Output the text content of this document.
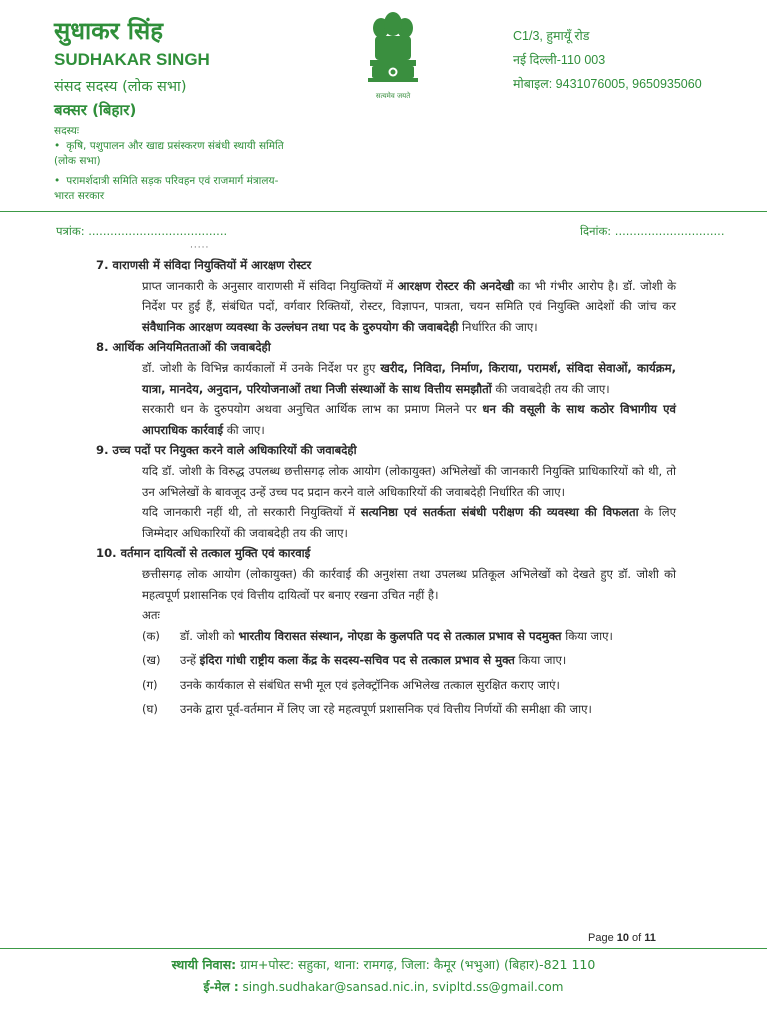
सुधाकर सिंह
SUDHAKAR SINGH
संसद सदस्य (लोक सभा)
बक्सर (बिहार)
सदस्यः
• कृषि, पशुपालन और खाद्य प्रसंस्करण संबंधी स्थायी समिति (लोक सभा)
• परामर्शदात्री समिति सड़क परिवहन एवं राजमार्ग मंत्रालय-भारत सरकार
सत्यमेव जयते
C1/3, हुमायूँ रोड
नई दिल्ली-110 003
मोबाइल: 9431076005, 9650935060
पत्रांक: ......................................	दिनांक: ..............................
·····

7. वाराणसी में संविदा नियुक्तियों में आरक्षण रोस्टर

प्राप्त जानकारी के अनुसार वाराणसी में संविदा नियुक्तियों में आरक्षण रोस्टर की अनदेखी का भी गंभीर आरोप है। डॉ. जोशी के निर्देश पर हुई हैं, संबंधित पदों, वर्गवार रिक्तियों, रोस्टर, विज्ञापन, पात्रता, चयन समिति एवं नियुक्ति आदेशों की जांच कर संवैधानिक आरक्षण व्यवस्था के उल्लंघन तथा पद के दुरुपयोग की जवाबदेही निर्धारित की जाए।

8. आर्थिक अनियमितताओं की जवाबदेही

डॉ. जोशी के विभिन्न कार्यकालों में उनके निर्देश पर हुए खरीद, निविदा, निर्माण, किराया, परामर्श, संविदा सेवाओं, कार्यक्रम, यात्रा, मानदेय, अनुदान, परियोजनाओं तथा निजी संस्थाओं के साथ वित्तीय समझौतों की जवाबदेही तय की जाए।

सरकारी धन के दुरुपयोग अथवा अनुचित आर्थिक लाभ का प्रमाण मिलने पर धन की वसूली के साथ कठोर विभागीय एवं आपराधिक कार्रवाई की जाए।

9. उच्च पदों पर नियुक्त करने वाले अधिकारियों की जवाबदेही

यदि डॉ. जोशी के विरुद्ध उपलब्ध छत्तीसगढ़ लोक आयोग (लोकायुक्त) अभिलेखों की जानकारी नियुक्ति प्राधिकारियों को थी, तो उन अभिलेखों के बावजूद उन्हें उच्च पद प्रदान करने वाले अधिकारियों की जवाबदेही निर्धारित की जाए।

यदि जानकारी नहीं थी, तो सरकारी नियुक्तियों में सत्यनिष्ठा एवं सतर्कता संबंधी परीक्षण की व्यवस्था की विफलता के लिए जिम्मेदार अधिकारियों की जवाबदेही तय की जाए।

10. वर्तमान दायित्वों से तत्काल मुक्ति एवं कारवाई

छत्तीसगढ़ लोक आयोग (लोकायुक्त) की कार्रवाई की अनुशंसा तथा उपलब्ध प्रतिकूल अभिलेखों को देखते हुए डॉ. जोशी को महत्वपूर्ण प्रशासनिक एवं वित्तीय दायित्वों पर बनाए रखना उचित नहीं है।

अतः

(क)	डॉ. जोशी को भारतीय विरासत संस्थान, नोएडा के कुलपति पद से तत्काल प्रभाव से पदमुक्त किया जाए।
(ख)	उन्हें इंदिरा गांधी राष्ट्रीय कला केंद्र के सदस्य-सचिव पद से तत्काल प्रभाव से मुक्त किया जाए।
(ग)	उनके कार्यकाल से संबंधित सभी मूल एवं इलेक्ट्रॉनिक अभिलेख तत्काल सुरक्षित कराए जाएं।
(घ)	उनके द्वारा पूर्व-वर्तमान में लिए जा रहे महत्वपूर्ण प्रशासनिक एवं वित्तीय निर्णयों की समीक्षा की जाए।
Page 10 of 11
स्थायी निवास: ग्राम+पोस्ट: सहुका, थाना: रामगढ़, जिला: कैमूर (भभुआ) (बिहार)-821 110
ई-मेल : singh.sudhakar@sansad.nic.in, svipltd.ss@gmail.com
